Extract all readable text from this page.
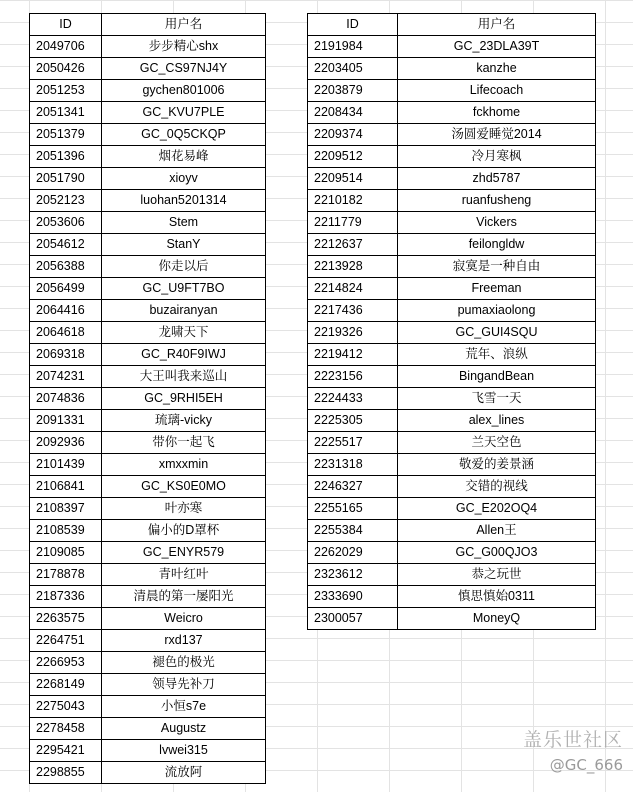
ID	用户名
2049706	步步精心shx
2050426	GC_CS97NJ4Y
2051253	gychen801006
2051341	GC_KVU7PLE
2051379	GC_0Q5CKQP
2051396	烟花易峰
2051790	xioyv
2052123	luohan5201314
2053606	Stem
2054612	StanY
2056388	你走以后
2056499	GC_U9FT7BO
2064416	buzairanyan
2064618	龙啸天下
2069318	GC_R40F9IWJ
2074231	大王叫我来巡山
2074836	GC_9RHI5EH
2091331	琉璃-vicky
2092936	带你一起飞
2101439	xmxxmin
2106841	GC_KS0E0MO
2108397	叶亦寒
2108539	偏小的D罩杯
2109085	GC_ENYR579
2178878	青叶红叶
2187336	清晨的第一屡阳光
2263575	Weicro
2264751	rxd137
2266953	褪色的极光
2268149	领导先补刀
2275043	小恒s7e
2278458	Augustz
2295421	lvwei315
2298855	流放阿
ID	用户名
2191984	GC_23DLA39T
2203405	kanzhe
2203879	Lifecoach
2208434	fckhome
2209374	汤圆爱睡觉2014
2209512	冷月寒枫
2209514	zhd5787
2210182	ruanfusheng
2211779	Vickers
2212637	feilongldw
2213928	寂寞是一种自由
2214824	Freeman
2217436	pumaxiaolong
2219326	GC_GUI4SQU
2219412	荒年、浪纵
2223156	BingandBean
2224433	飞雪一天
2225305	alex_lines
2225517	兰天空色
2231318	敬爱的姜景涵
2246327	交错的视线
2255165	GC_E202OQ4
2255384	Allen王
2262029	GC_G00QJO3
2323612	恭之玩世
2333690	慎思慎始0311
2300057	MoneyQ
盖乐世社区
@GC_666
